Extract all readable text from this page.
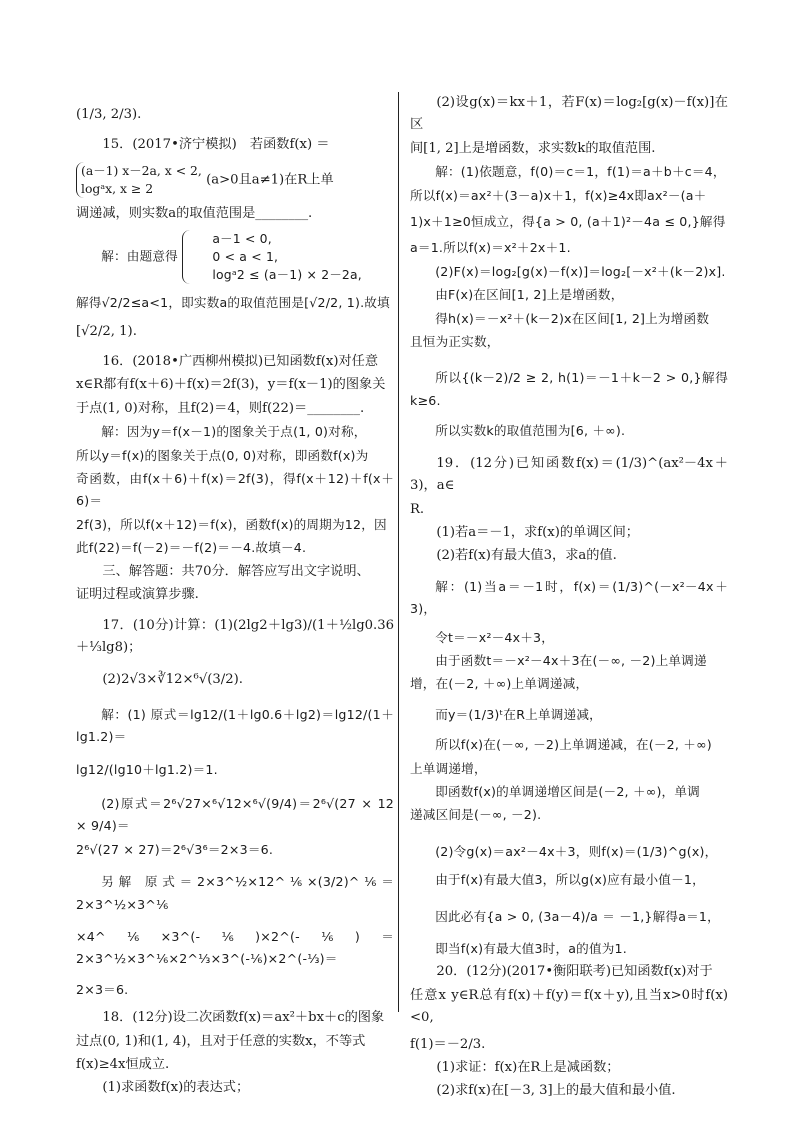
(1/3, 2/3).

15．(2017•济宁模拟)　若函数f(x) ＝

(a－1) x－2a, x < 2,
logᵃx, x ≥ 2
(a>0且a≠1)在R上单

调递减，则实数a的取值范围是________.

解：由题意得
a－1 < 0,
0 < a < 1,
logᵃ2 ≤ (a－1) × 2－2a,

解得√2/2≤a<1，即实数a的取值范围是[√2/2, 1).故填

[√2/2, 1).

16．(2018•广西柳州模拟)已知函数f(x)对任意

x∈R都有f(x＋6)＋f(x)＝2f(3)，y＝f(x－1)的图象关

于点(1, 0)对称，且f(2)＝4，则f(22)＝________.

解：因为y＝f(x－1)的图象关于点(1, 0)对称，

所以y＝f(x)的图象关于点(0, 0)对称，即函数f(x)为

奇函数，由f(x＋6)＋f(x)＝2f(3)，得f(x＋12)＋f(x＋6)＝

2f(3)，所以f(x＋12)＝f(x)，函数f(x)的周期为12，因

此f(22)＝f(－2)＝－f(2)＝－4.故填－4.

三、解答题：共70分．解答应写出文字说明、

证明过程或演算步骤.

17．(10分)计算：(1)(2lg2＋lg3)/(1＋½lg0.36＋⅓lg8)；

(2)2√3×∛12×⁶√(3/2).

解：(1) 原式＝lg12/(1＋lg0.6＋lg2)＝lg12/(1＋lg1.2)＝

lg12/(lg10＋lg1.2)＝1.

(2)原式＝2⁶√27×⁶√12×⁶√(9/4)＝2⁶√(27 × 12 × 9/4)＝

2⁶√(27 × 27)＝2⁶√3⁶＝2×3＝6.

另解 原式＝2×3^½×12^⅙×(3/2)^⅙＝2×3^½×3^⅙

×4^⅙×3^(-⅙)×2^(-⅙)＝2×3^½×3^⅙×2^⅓×3^(-⅙)×2^(-⅓)＝

2×3＝6.

18．(12分)设二次函数f(x)＝ax²＋bx＋c的图象

过点(0, 1)和(1, 4)，且对于任意的实数x，不等式

f(x)≥4x恒成立.

(1)求函数f(x)的表达式；

(2)设g(x)＝kx＋1，若F(x)＝log₂[g(x)－f(x)]在区

间[1, 2]上是增函数，求实数k的取值范围.

解：(1)依题意，f(0)＝c＝1，f(1)＝a＋b＋c＝4，

所以f(x)＝ax²＋(3－a)x＋1，f(x)≥4x即ax²－(a＋

1)x＋1≥0恒成立，得{a > 0, (a＋1)²－4a ≤ 0,}解得

a＝1.所以f(x)＝x²＋2x＋1.

(2)F(x)＝log₂[g(x)－f(x)]＝log₂[－x²＋(k－2)x].

由F(x)在区间[1, 2]上是增函数，

得h(x)＝－x²＋(k－2)x在区间[1, 2]上为增函数

且恒为正实数，

所以{(k－2)/2 ≥ 2, h(1)＝－1＋k－2 > 0,}解得k≥6.

所以实数k的取值范围为[6, ＋∞).

19．(12分)已知函数f(x)＝(1/3)^(ax²－4x＋3)，a∈

R.

(1)若a＝－1，求f(x)的单调区间；

(2)若f(x)有最大值3，求a的值.

解：(1)当a＝－1时，f(x)＝(1/3)^(－x²－4x＋3)，

令t＝－x²－4x＋3，

由于函数t＝－x²－4x＋3在(－∞, －2)上单调递

增，在(－2, ＋∞)上单调递减，

而y＝(1/3)ᵗ在R上单调递减，

所以f(x)在(－∞, －2)上单调递减，在(－2, ＋∞)

上单调递增，

即函数f(x)的单调递增区间是(－2, ＋∞)，单调

递减区间是(－∞, －2).

(2)令g(x)＝ax²－4x＋3，则f(x)＝(1/3)^g(x)，

由于f(x)有最大值3，所以g(x)应有最小值－1，

因此必有{a > 0, (3a－4)/a ＝ －1,}解得a＝1，

即当f(x)有最大值3时，a的值为1.

20．(12分)(2017•衡阳联考)已知函数f(x)对于

任意x y∈R总有f(x)＋f(y)＝f(x＋y),且当x>0时f(x)<0,

f(1)＝－2/3.

(1)求证：f(x)在R上是减函数；

(2)求f(x)在[－3, 3]上的最大值和最小值.
